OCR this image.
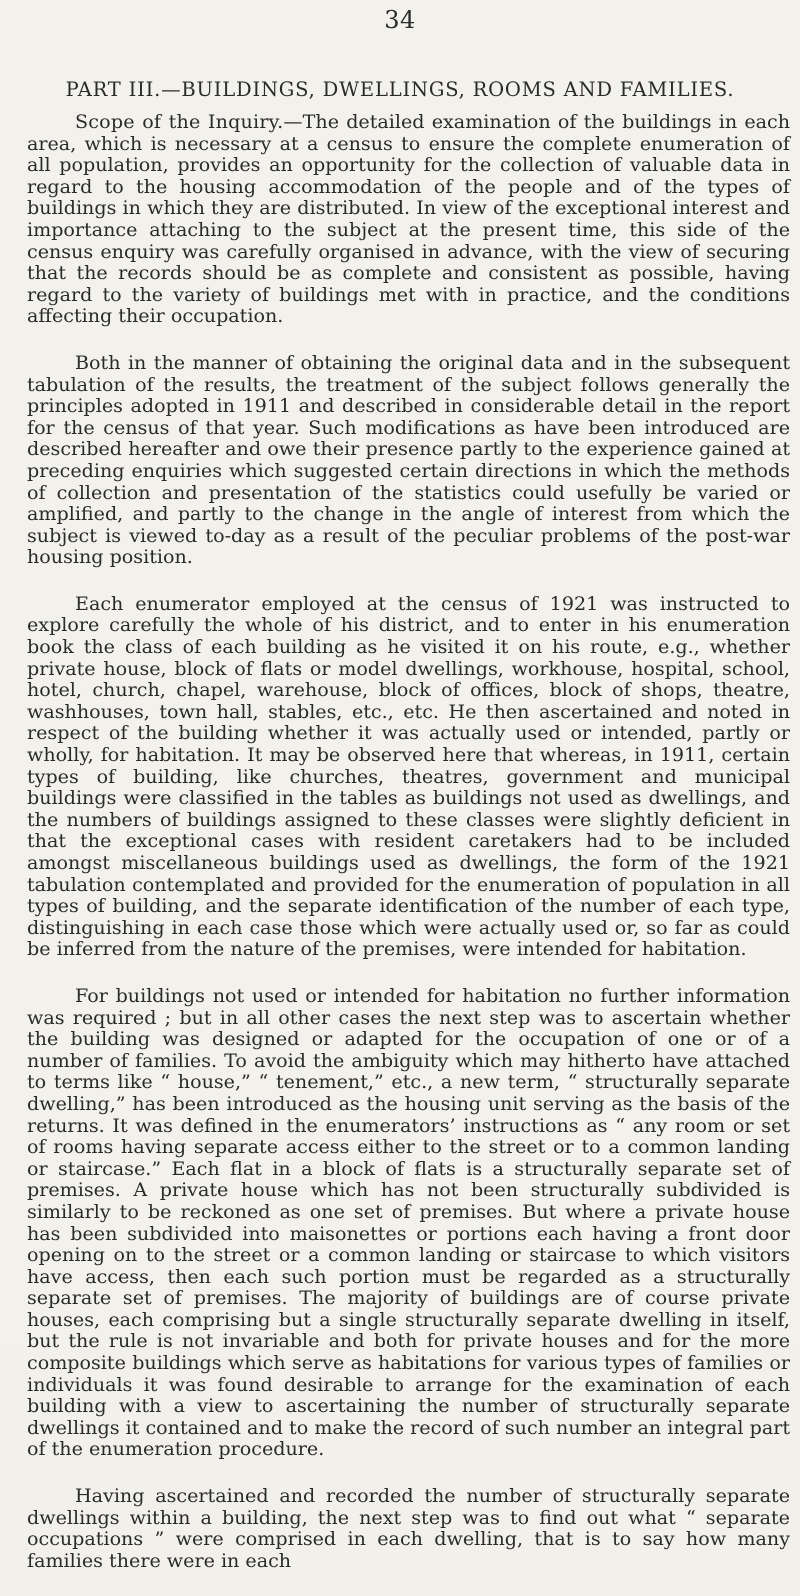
34
PART III.—BUILDINGS, DWELLINGS, ROOMS AND FAMILIES.

Scope of the Inquiry.—The detailed examination of the buildings in each area, which is necessary at a census to ensure the complete enumeration of all population, provides an opportunity for the collection of valuable data in regard to the housing accommodation of the people and of the types of buildings in which they are distributed. In view of the exceptional interest and importance attaching to the subject at the present time, this side of the census enquiry was carefully organised in advance, with the view of securing that the records should be as complete and consistent as possible, having regard to the variety of buildings met with in practice, and the conditions affecting their occupation.

Both in the manner of obtaining the original data and in the subsequent tabulation of the results, the treatment of the subject follows generally the principles adopted in 1911 and described in considerable detail in the report for the census of that year. Such modifications as have been introduced are described hereafter and owe their presence partly to the experience gained at preceding enquiries which suggested certain directions in which the methods of collection and presentation of the statistics could usefully be varied or amplified, and partly to the change in the angle of interest from which the subject is viewed to-day as a result of the peculiar problems of the post-war housing position.

Each enumerator employed at the census of 1921 was instructed to explore carefully the whole of his district, and to enter in his enumeration book the class of each building as he visited it on his route, e.g., whether private house, block of flats or model dwellings, workhouse, hospital, school, hotel, church, chapel, warehouse, block of offices, block of shops, theatre, washhouses, town hall, stables, etc., etc. He then ascertained and noted in respect of the building whether it was actually used or intended, partly or wholly, for habitation. It may be observed here that whereas, in 1911, certain types of building, like churches, theatres, government and municipal buildings were classified in the tables as buildings not used as dwellings, and the numbers of buildings assigned to these classes were slightly deficient in that the exceptional cases with resident caretakers had to be included amongst miscellaneous buildings used as dwellings, the form of the 1921 tabulation contemplated and provided for the enumeration of population in all types of building, and the separate identification of the number of each type, distinguishing in each case those which were actually used or, so far as could be inferred from the nature of the premises, were intended for habitation.

For buildings not used or intended for habitation no further information was required ; but in all other cases the next step was to ascertain whether the building was designed or adapted for the occupation of one or of a number of families. To avoid the ambiguity which may hitherto have attached to terms like “ house,” “ tenement,” etc., a new term, “ structurally separate dwelling,” has been introduced as the housing unit serving as the basis of the returns. It was defined in the enumerators’ instructions as “ any room or set of rooms having separate access either to the street or to a common landing or staircase.” Each flat in a block of flats is a structurally separate set of premises. A private house which has not been structurally subdivided is similarly to be reckoned as one set of premises. But where a private house has been subdivided into maisonettes or portions each having a front door opening on to the street or a common landing or staircase to which visitors have access, then each such portion must be regarded as a structurally separate set of premises. The majority of buildings are of course private houses, each comprising but a single structurally separate dwelling in itself, but the rule is not invariable and both for private houses and for the more composite buildings which serve as habitations for various types of families or individuals it was found desirable to arrange for the examination of each building with a view to ascertaining the number of structurally separate dwellings it contained and to make the record of such number an integral part of the enumeration procedure.

Having ascertained and recorded the number of structurally separate dwellings within a building, the next step was to find out what “ separate occupations ” were comprised in each dwelling, that is to say how many families there were in each
